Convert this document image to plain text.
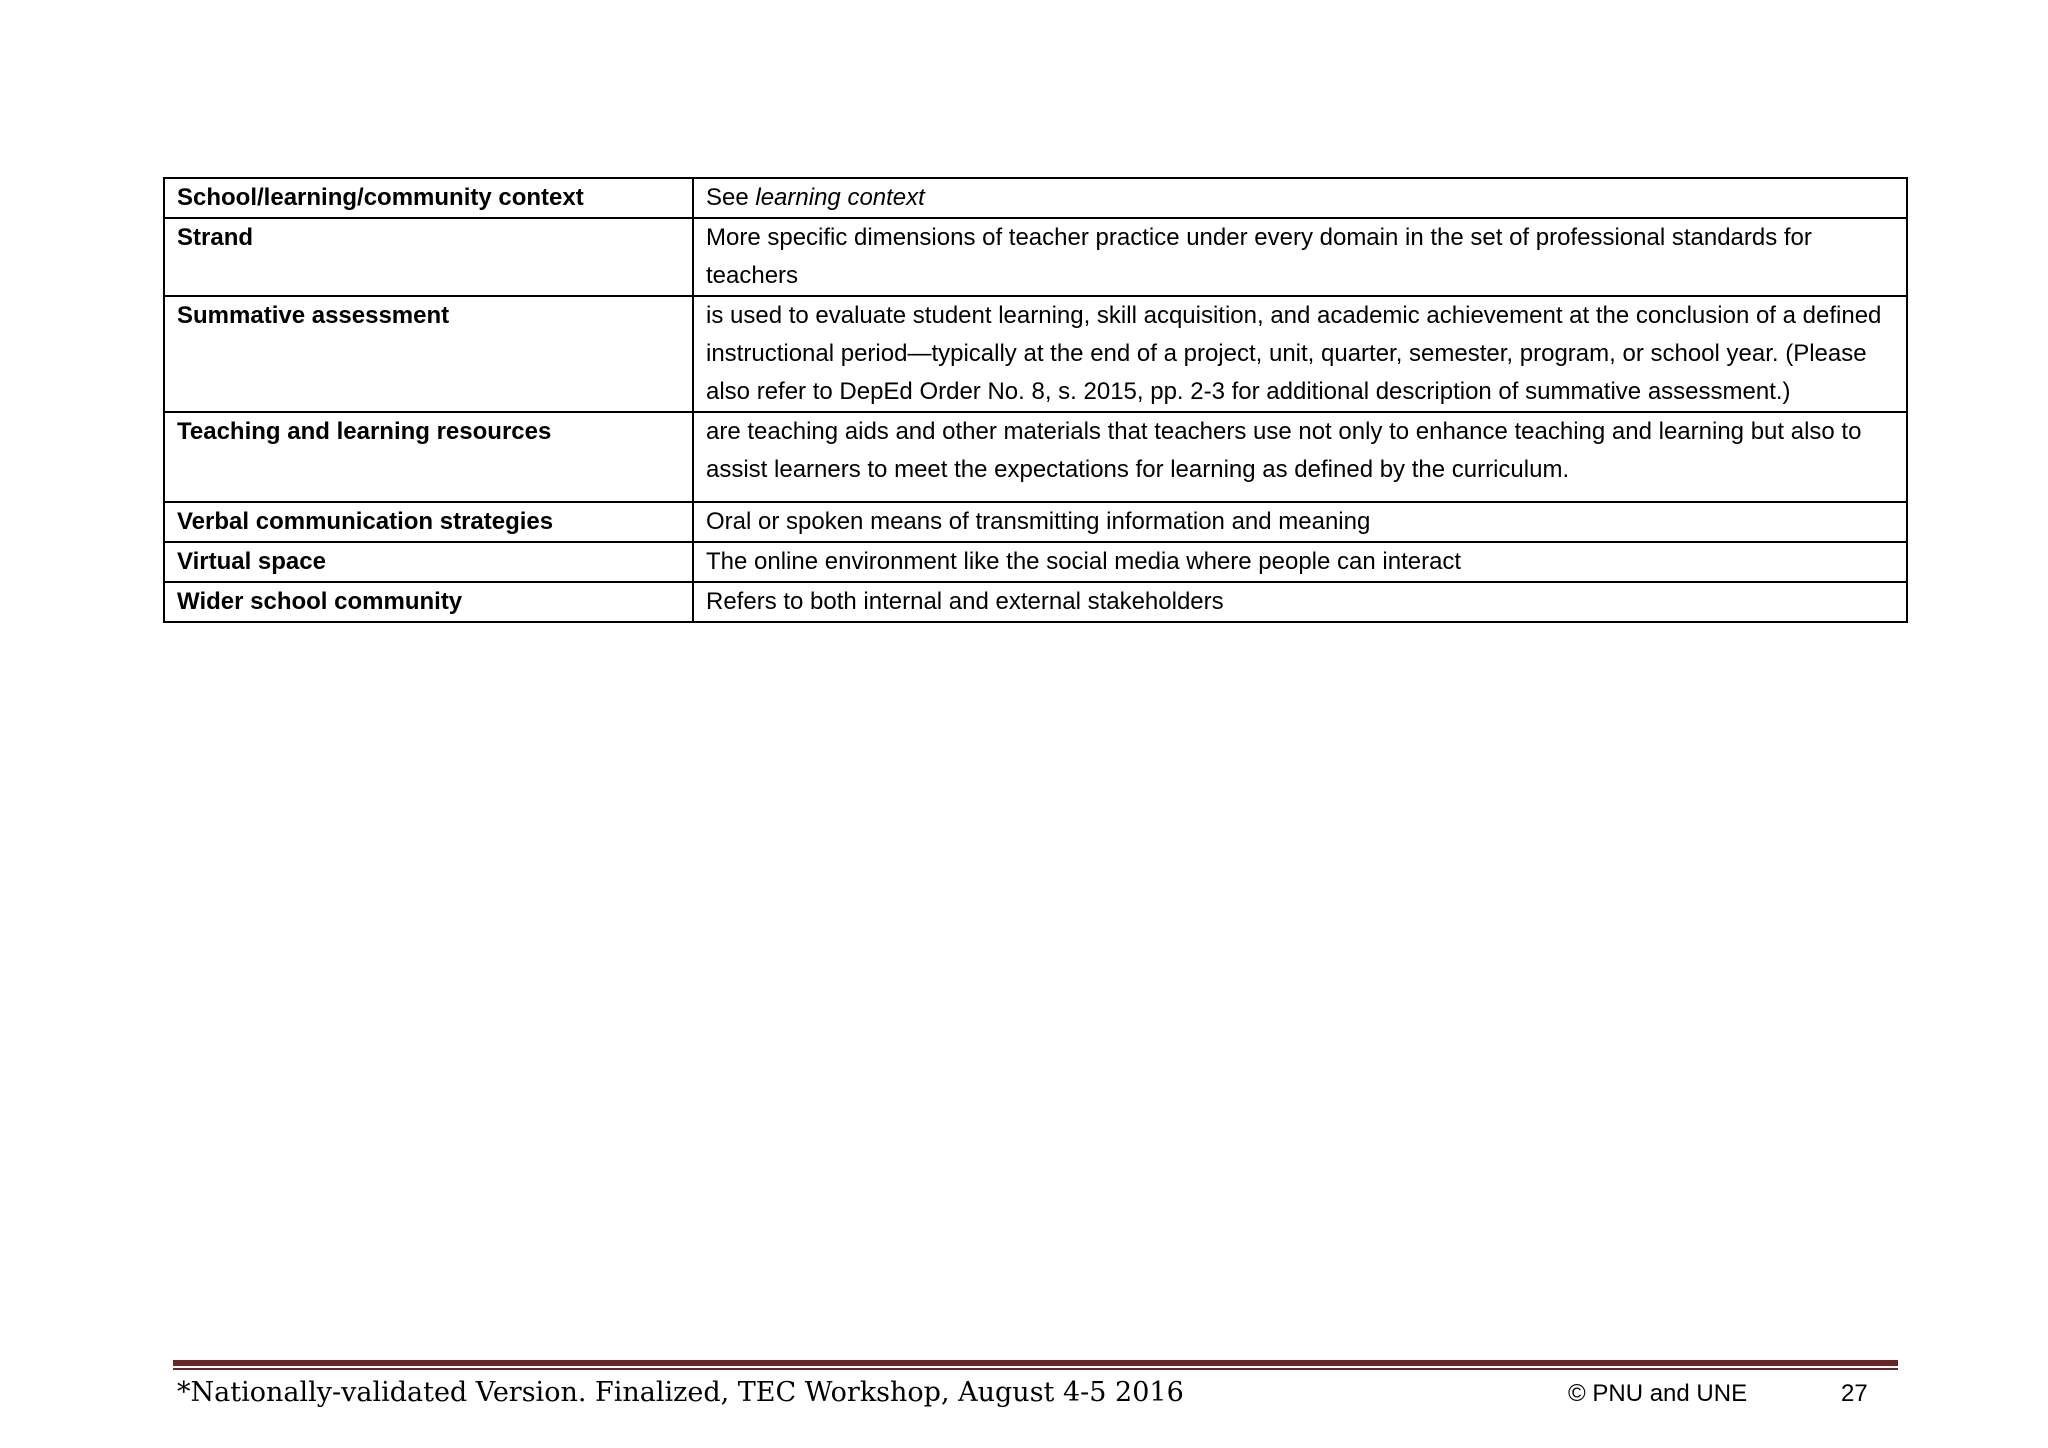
School/learning/community context	See learning context
Strand	More specific dimensions of teacher practice under every domain in the set of professional standards for teachers
Summative assessment	is used to evaluate student learning, skill acquisition, and academic achievement at the conclusion of a defined instructional period—typically at the end of a project, unit, quarter, semester, program, or school year. (Please also refer to DepEd Order No. 8, s. 2015, pp. 2-3 for additional description of summative assessment.)
Teaching and learning resources	are teaching aids and other materials that teachers use not only to enhance teaching and learning but also to assist learners to meet the expectations for learning as defined by the curriculum.
Verbal communication strategies	Oral or spoken means of transmitting information and meaning
Virtual space	The online environment like the social media where people can interact
Wider school community	Refers to both internal and external stakeholders
*Nationally-validated Version. Finalized, TEC Workshop, August 4-5 2016	© PNU and UNE	27
